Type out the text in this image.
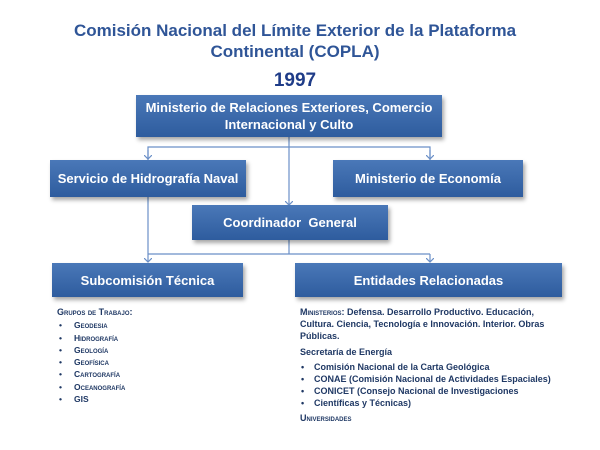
Comisión Nacional del Límite Exterior de la Plataforma Continental (COPLA)
1997
Ministerio de Relaciones Exteriores, Comercio Internacional y Culto
Servicio de Hidrografía Naval	Ministerio de Economía
Coordinador  General
Subcomisión Técnica	Entidades Relacionadas
Grupos de Trabajo:
• Geodesia
• Hidrografía
• Geología
• Geofísica
• Cartografía
• Oceanografía
• GIS
Ministerios: Defensa. Desarrollo Productivo. Educación, Cultura. Ciencia, Tecnología e Innovación. Interior. Obras Públicas.
Secretaría de Energía
• Comisión Nacional de la Carta Geológica
• CONAE (Comisión Nacional de Actividades Espaciales)
• CONICET (Consejo Nacional de Investigaciones
• Científicas y Técnicas)
Universidades
